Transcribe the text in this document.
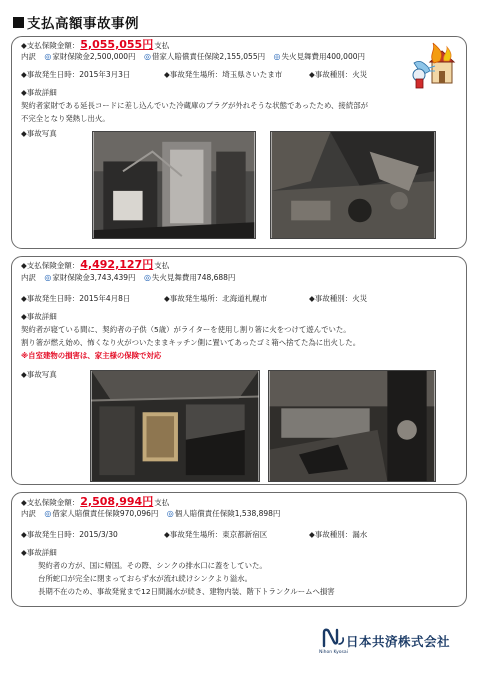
支払高額事故事例
◆支払保険金額：5,055,055円支払
内訳 ◎家財保険金2,500,000円 ◎借家人賠償責任保険2,155,055円 ◎失火見舞費用400,000円
◆事故発生日時：2015年3月3日	◆事故発生場所：埼玉県さいたま市	◆事故種別：火災
◆事故詳細
契約者家財である延長コードに差し込んでいた冷蔵庫のプラグが外れそうな状態であったため、接続部が
不完全となり発熱し出火。
◆事故写真
◆支払保険金額：4,492,127円支払
内訳 ◎家財保険金3,743,439円 ◎失火見舞費用748,688円
◆事故発生日時：2015年4月8日	◆事故発生場所：北海道札幌市	◆事故種別：火災
◆事故詳細
契約者が寝ている間に、契約者の子供（5歳）がライターを使用し割り箸に火をつけて遊んでいた。
割り箸が燃え始め、怖くなり火がついたままキッチン側に置いてあったゴミ箱へ捨てた為に出火した。
※自室建物の損害は、家主様の保険で対応
◆事故写真
◆支払保険金額：2,508,994円支払
内訳 ◎借家人賠償責任保険970,096円 ◎個人賠償責任保険1,538,898円
◆事故発生日時：2015/3/30	◆事故発生場所：東京都新宿区	◆事故種別：漏水
◆事故詳細
契約者の方が、国に帰国。その際、シンクの排水口に蓋をしていた。
台所蛇口が完全に閉まっておらず水が流れ続けシンクより溢水。
長期不在のため、事故発覚まで12日間漏水が続き、建物内装、階下トランクルームへ損害
日本共済株式会社
Nihon Kyosai
